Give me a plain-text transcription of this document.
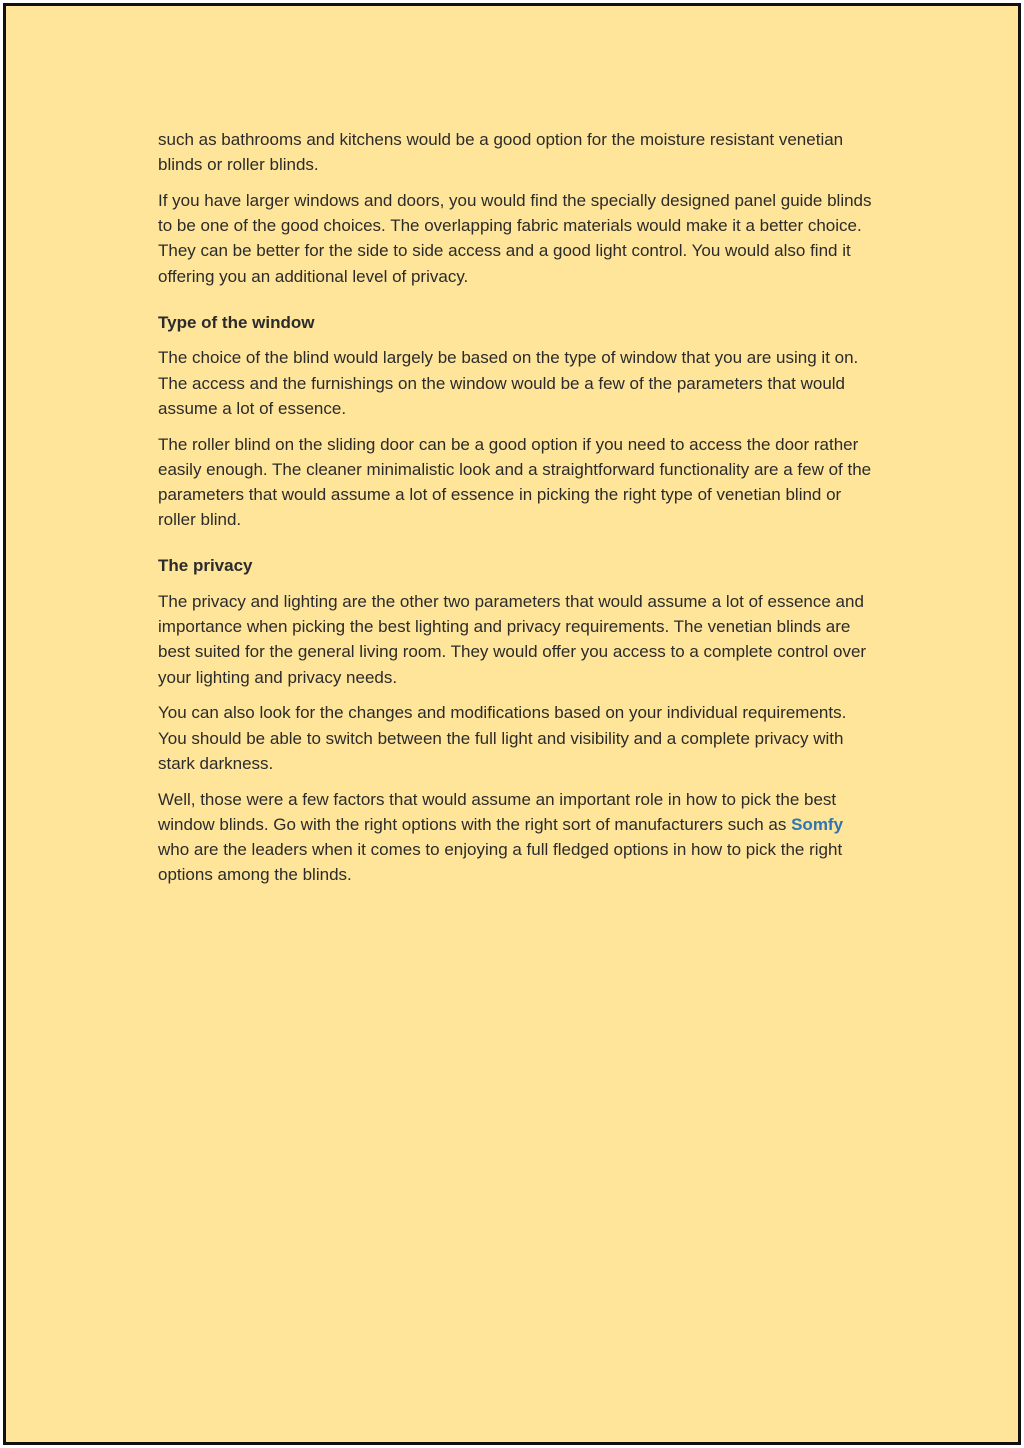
such as bathrooms and kitchens would be a good option for the moisture resistant venetian blinds or roller blinds.

If you have larger windows and doors, you would find the specially designed panel guide blinds to be one of the good choices. The overlapping fabric materials would make it a better choice. They can be better for the side to side access and a good light control. You would also find it offering you an additional level of privacy.

Type of the window

The choice of the blind would largely be based on the type of window that you are using it on. The access and the furnishings on the window would be a few of the parameters that would assume a lot of essence.

The roller blind on the sliding door can be a good option if you need to access the door rather easily enough. The cleaner minimalistic look and a straightforward functionality are a few of the parameters that would assume a lot of essence in picking the right type of venetian blind or roller blind.

The privacy

The privacy and lighting are the other two parameters that would assume a lot of essence and importance when picking the best lighting and privacy requirements. The venetian blinds are best suited for the general living room. They would offer you access to a complete control over your lighting and privacy needs.

You can also look for the changes and modifications based on your individual requirements. You should be able to switch between the full light and visibility and a complete privacy with stark darkness.

Well, those were a few factors that would assume an important role in how to pick the best window blinds. Go with the right options with the right sort of manufacturers such as Somfy who are the leaders when it comes to enjoying a full fledged options in how to pick the right options among the blinds.
